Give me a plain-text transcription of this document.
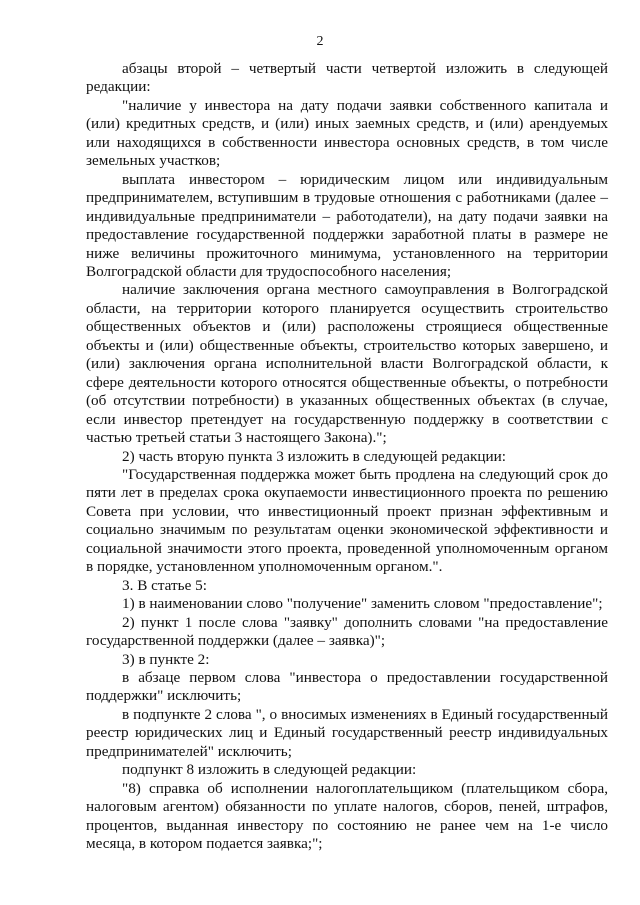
2

абзацы второй – четвертый части четвертой изложить в следующей редакции:

"наличие у инвестора на дату подачи заявки собственного капитала и (или) кредитных средств, и (или) иных заемных средств, и (или) арендуемых или находящихся в собственности инвестора основных средств, в том числе земельных участков;

выплата инвестором – юридическим лицом или индивидуальным предпринимателем, вступившим в трудовые отношения с работниками (далее – индивидуальные предприниматели – работодатели), на дату подачи заявки на предоставление государственной поддержки заработной платы в размере не ниже величины прожиточного минимума, установленного на территории Волгоградской области для трудоспособного населения;

наличие заключения органа местного самоуправления в Волгоградской области, на территории которого планируется осуществить строительство общественных объектов и (или) расположены строящиеся общественные объекты и (или) общественные объекты, строительство которых завершено, и (или) заключения органа исполнительной власти Волгоградской области, к сфере деятельности которого относятся общественные объекты, о потребности (об отсутствии потребности) в указанных общественных объектах (в случае, если инвестор претендует на государственную поддержку в соответствии с частью третьей статьи 3 настоящего Закона).";

2) часть вторую пункта 3 изложить в следующей редакции:

"Государственная поддержка может быть продлена на следующий срок до пяти лет в пределах срока окупаемости инвестиционного проекта по решению Совета при условии, что инвестиционный проект признан эффективным и социально значимым по результатам оценки экономической эффективности и социальной значимости этого проекта, проведенной уполномоченным органом в порядке, установленном уполномоченным органом.".

3. В статье 5:

1) в наименовании слово "получение" заменить словом "предоставление";

2) пункт 1 после слова "заявку" дополнить словами "на предоставление государственной поддержки (далее – заявка)";

3) в пункте 2:

в абзаце первом слова "инвестора о предоставлении государственной поддержки" исключить;

в подпункте 2 слова ", о вносимых изменениях в Единый государственный реестр юридических лиц и Единый государственный реестр индивидуальных предпринимателей" исключить;

подпункт 8 изложить в следующей редакции:

"8) справка об исполнении налогоплательщиком (плательщиком сбора, налоговым агентом) обязанности по уплате налогов, сборов, пеней, штрафов, процентов, выданная инвестору по состоянию не ранее чем на 1-е число месяца, в котором подается заявка;";
